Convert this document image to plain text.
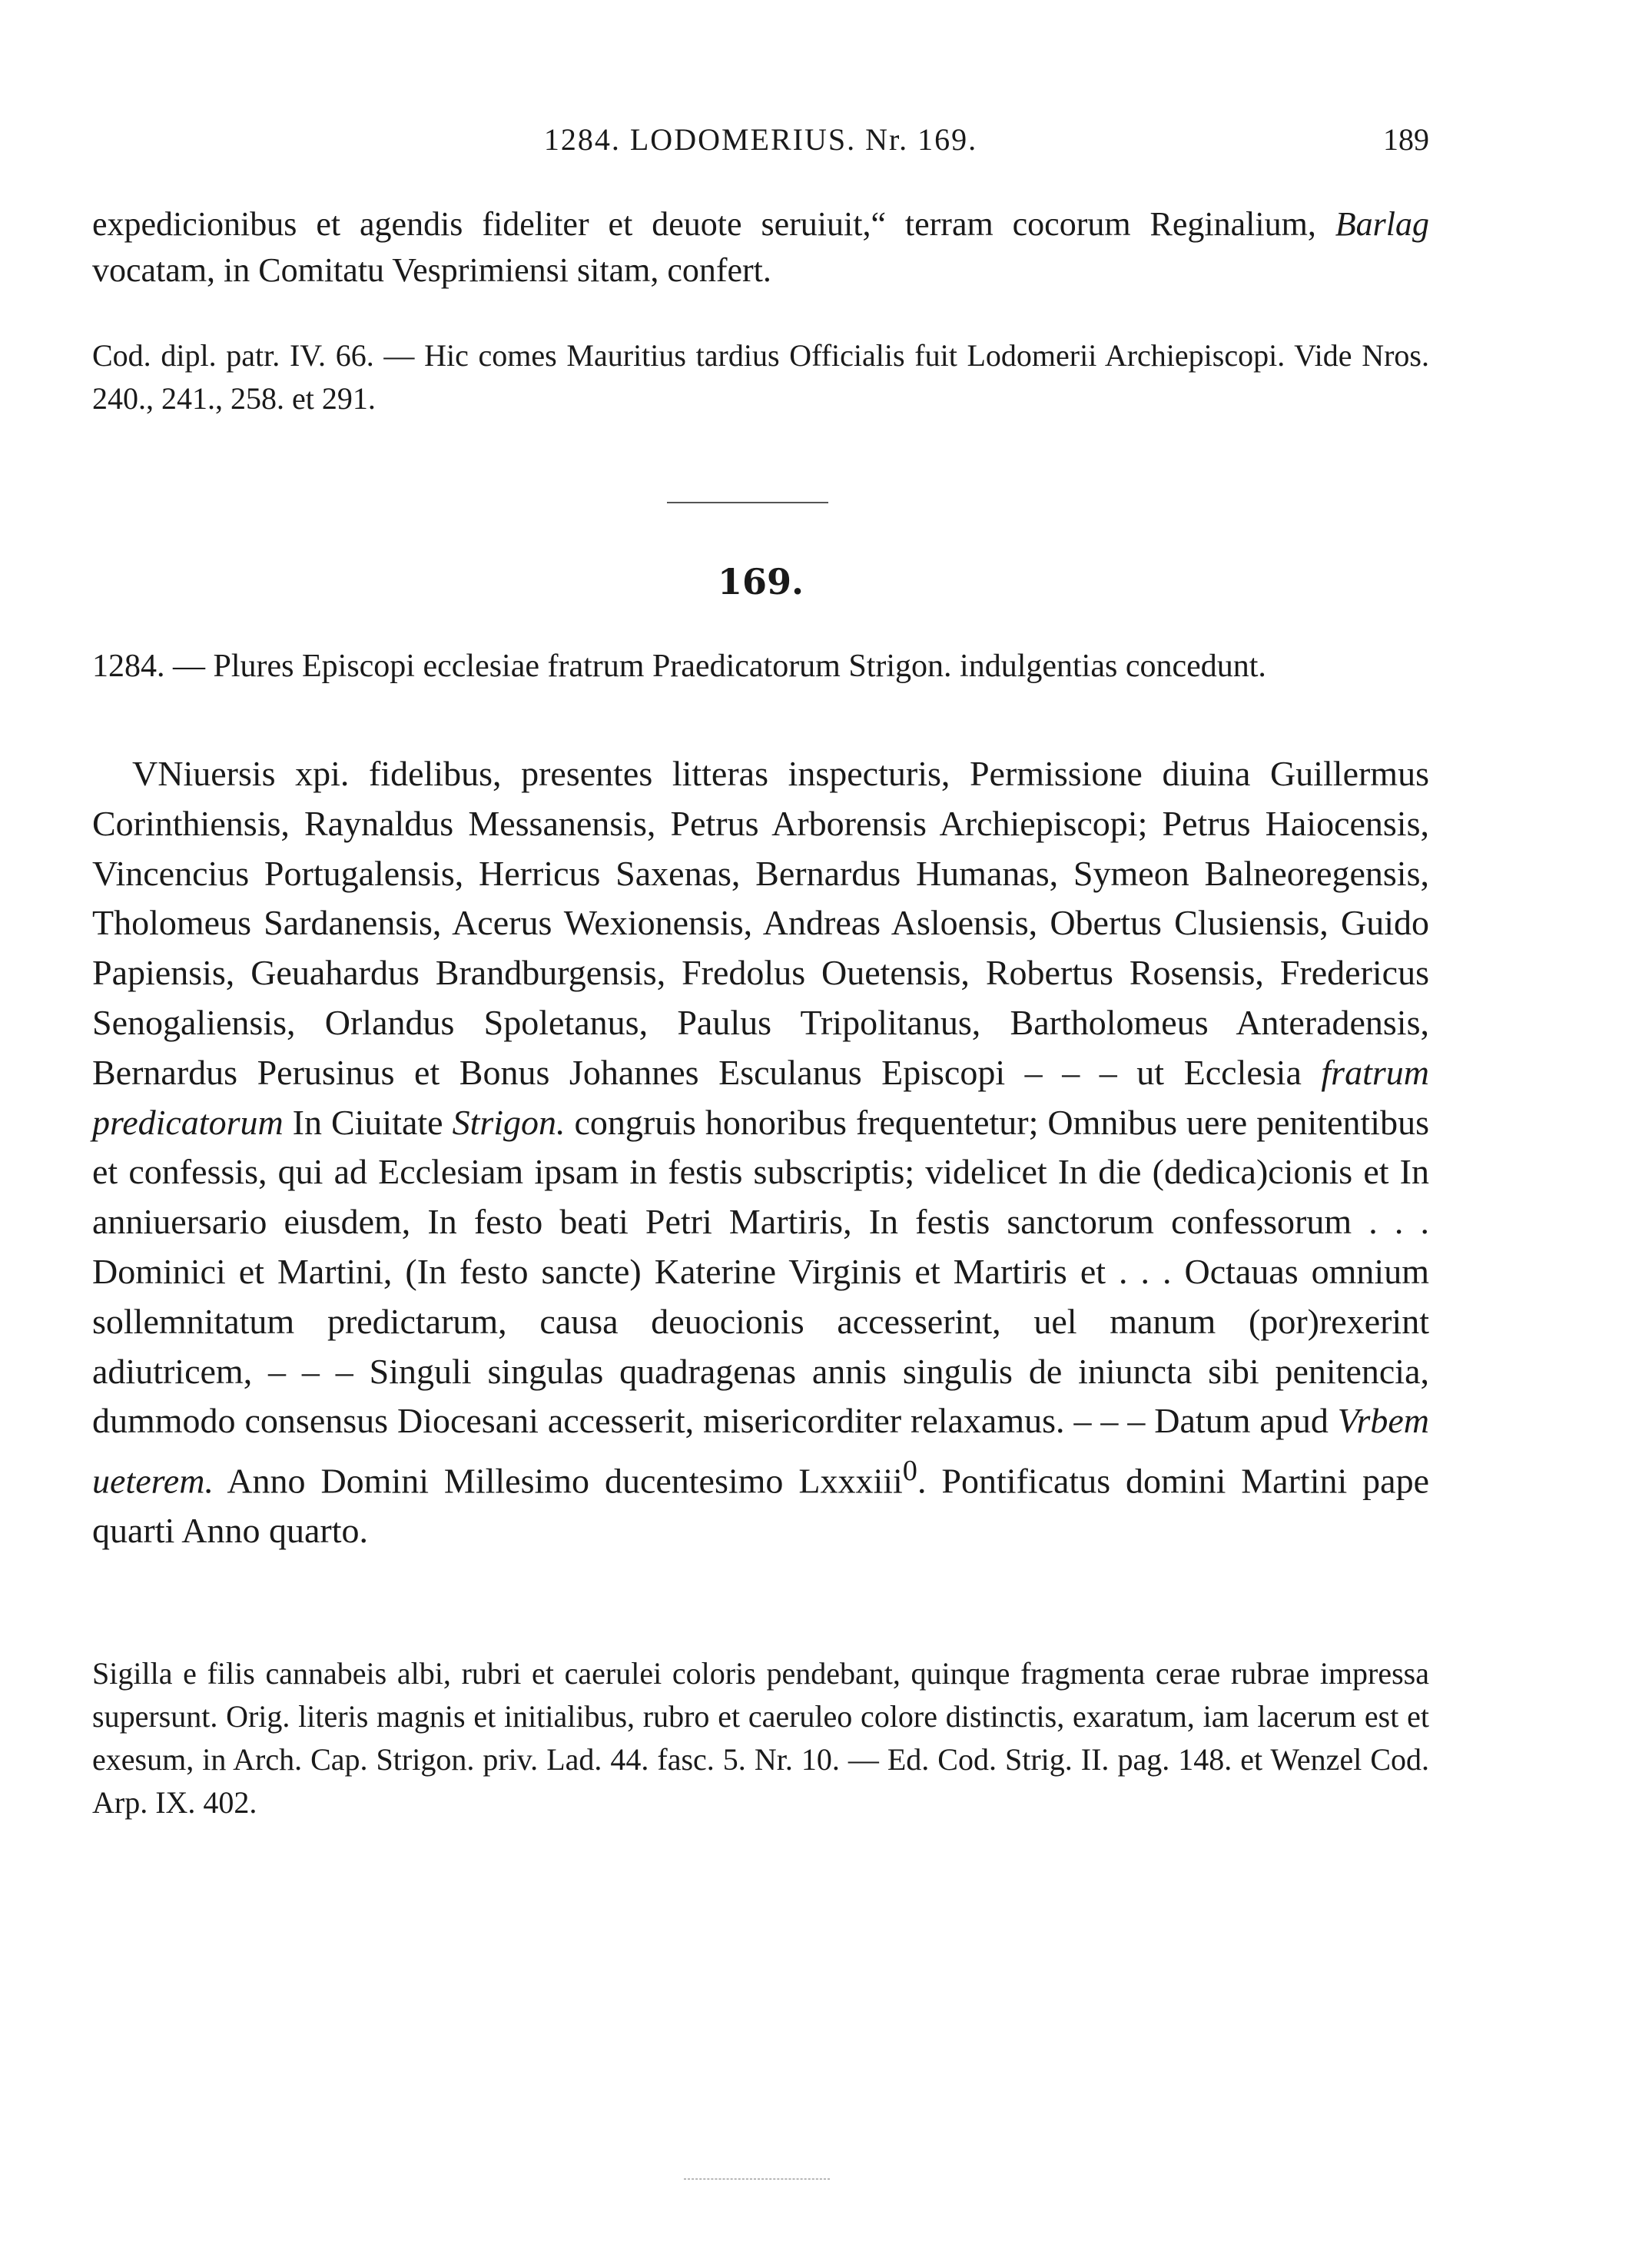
1284. LODOMERIUS. Nr. 169.	189
expedicionibus et agendis fideliter et deuote seruiuit,“ terram cocorum Reginalium, Barlag vocatam, in Comitatu Vesprimiensi sitam, confert.
Cod. dipl. patr. IV. 66. — Hic comes Mauritius tardius Officialis fuit Lodomerii Archiepiscopi. Vide Nros. 240., 241., 258. et 291.
169.
1284. — Plures Episcopi ecclesiae fratrum Praedicatorum Strigon. indulgentias concedunt.
VNiuersis xpi. fidelibus, presentes litteras inspecturis, Permissione diuina Guillermus Corinthiensis, Raynaldus Messanensis, Petrus Arborensis Archiepiscopi; Petrus Haiocensis, Vincencius Portugalensis, Herricus Saxenas, Bernardus Humanas, Symeon Balneoregensis, Tholomeus Sardanensis, Acerus Wexionensis, Andreas Asloensis, Obertus Clusiensis, Guido Papiensis, Geuahardus Brandburgensis, Fredolus Ouetensis, Robertus Rosensis, Fredericus Senogaliensis, Orlandus Spoletanus, Paulus Tripolitanus, Bartholomeus Anteradensis, Bernardus Perusinus et Bonus Johannes Esculanus Episcopi – – – ut Ecclesia fratrum predicatorum In Ciuitate Strigon. congruis honoribus frequentetur; Omnibus uere penitentibus et confessis, qui ad Ecclesiam ipsam in festis subscriptis; videlicet In die (dedica)cionis et In anniuersario eiusdem, In festo beati Petri Martiris, In festis sanctorum confessorum . . . Dominici et Martini, (In festo sancte) Katerine Virginis et Martiris et . . . Octauas omnium sollemnitatum predictarum, causa deuocionis accesserint, uel manum (por)rexerint adiutricem, – – – Singuli singulas quadragenas annis singulis de iniuncta sibi penitencia, dummodo consensus Diocesani accesserit, misericorditer relaxamus. – – – Datum apud Vrbem ueterem. Anno Domini Millesimo ducentesimo Lxxxiii$^0$. Pontificatus domini Martini pape quarti Anno quarto.
Sigilla e filis cannabeis albi, rubri et caerulei coloris pendebant, quinque fragmenta cerae rubrae impressa supersunt. Orig. literis magnis et initialibus, rubro et caeruleo colore distinctis, exaratum, iam lacerum est et exesum, in Arch. Cap. Strigon. priv. Lad. 44. fasc. 5. Nr. 10. — Ed. Cod. Strig. II. pag. 148. et Wenzel Cod. Arp. IX. 402.
